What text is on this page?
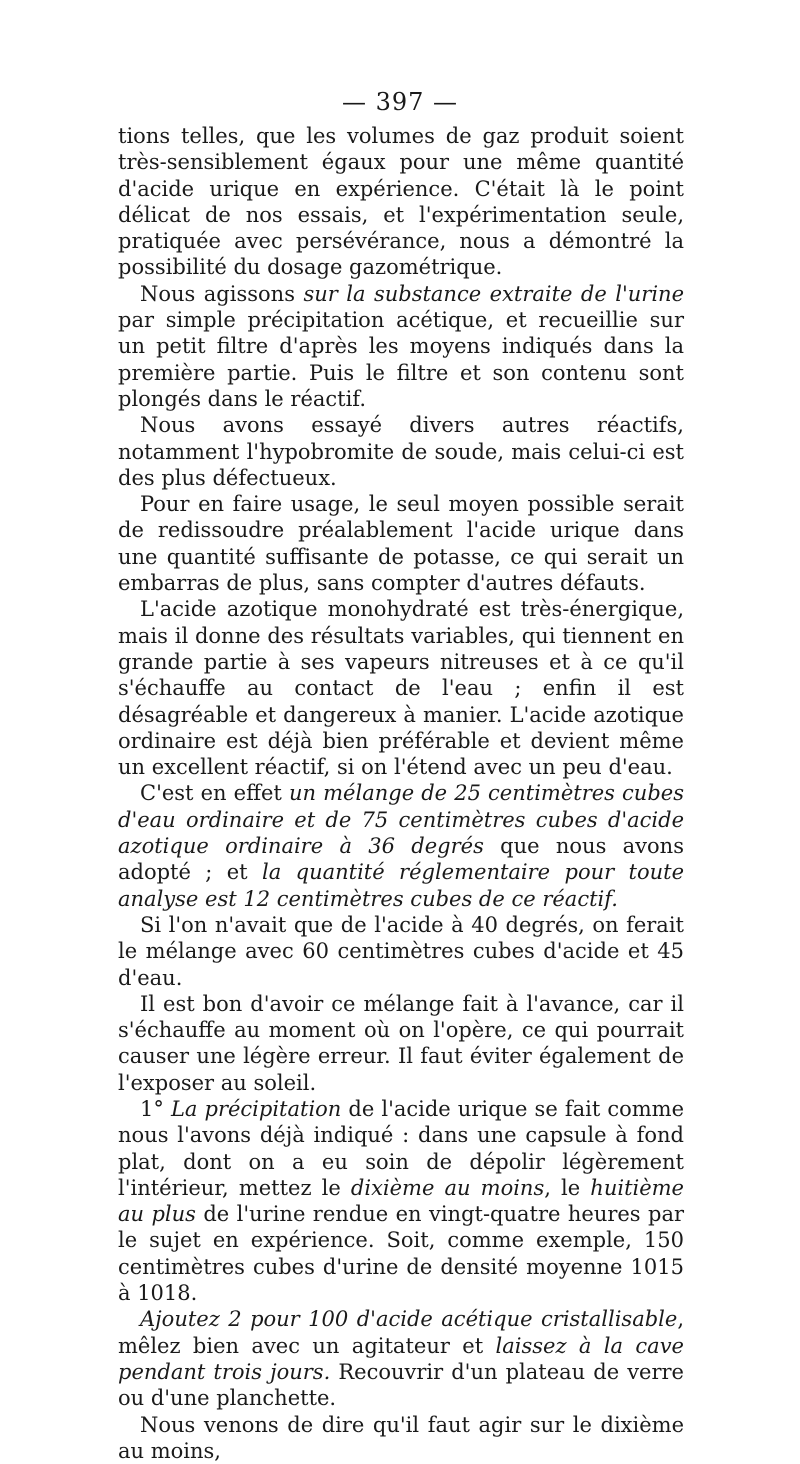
— 397 —

tions telles, que les volumes de gaz produit soient très-sensiblement égaux pour une même quantité d'acide urique en expérience. C'était là le point délicat de nos essais, et l'expérimentation seule, pratiquée avec persévérance, nous a démontré la possibilité du dosage gazométrique.

Nous agissons sur la substance extraite de l'urine par simple précipitation acétique, et recueillie sur un petit filtre d'après les moyens indiqués dans la première partie. Puis le filtre et son contenu sont plongés dans le réactif.

Nous avons essayé divers autres réactifs, notamment l'hypobromite de soude, mais celui-ci est des plus défectueux.

Pour en faire usage, le seul moyen possible serait de redissoudre préalablement l'acide urique dans une quantité suffisante de potasse, ce qui serait un embarras de plus, sans compter d'autres défauts.

L'acide azotique monohydraté est très-énergique, mais il donne des résultats variables, qui tiennent en grande partie à ses vapeurs nitreuses et à ce qu'il s'échauffe au contact de l'eau ; enfin il est désagréable et dangereux à manier. L'acide azotique ordinaire est déjà bien préférable et devient même un excellent réactif, si on l'étend avec un peu d'eau.

C'est en effet un mélange de 25 centimètres cubes d'eau ordinaire et de 75 centimètres cubes d'acide azotique ordinaire à 36 degrés que nous avons adopté ; et la quantité réglementaire pour toute analyse est 12 centimètres cubes de ce réactif.

Si l'on n'avait que de l'acide à 40 degrés, on ferait le mélange avec 60 centimètres cubes d'acide et 45 d'eau.

Il est bon d'avoir ce mélange fait à l'avance, car il s'échauffe au moment où on l'opère, ce qui pourrait causer une légère erreur. Il faut éviter également de l'exposer au soleil.

1° La précipitation de l'acide urique se fait comme nous l'avons déjà indiqué : dans une capsule à fond plat, dont on a eu soin de dépolir légèrement l'intérieur, mettez le dixième au moins, le huitième au plus de l'urine rendue en vingt-quatre heures par le sujet en expérience. Soit, comme exemple, 150 centimètres cubes d'urine de densité moyenne 1015 à 1018.

Ajoutez 2 pour 100 d'acide acétique cristallisable, mêlez bien avec un agitateur et laissez à la cave pendant trois jours. Recouvrir d'un plateau de verre ou d'une planchette.

Nous venons de dire qu'il faut agir sur le dixième au moins,
